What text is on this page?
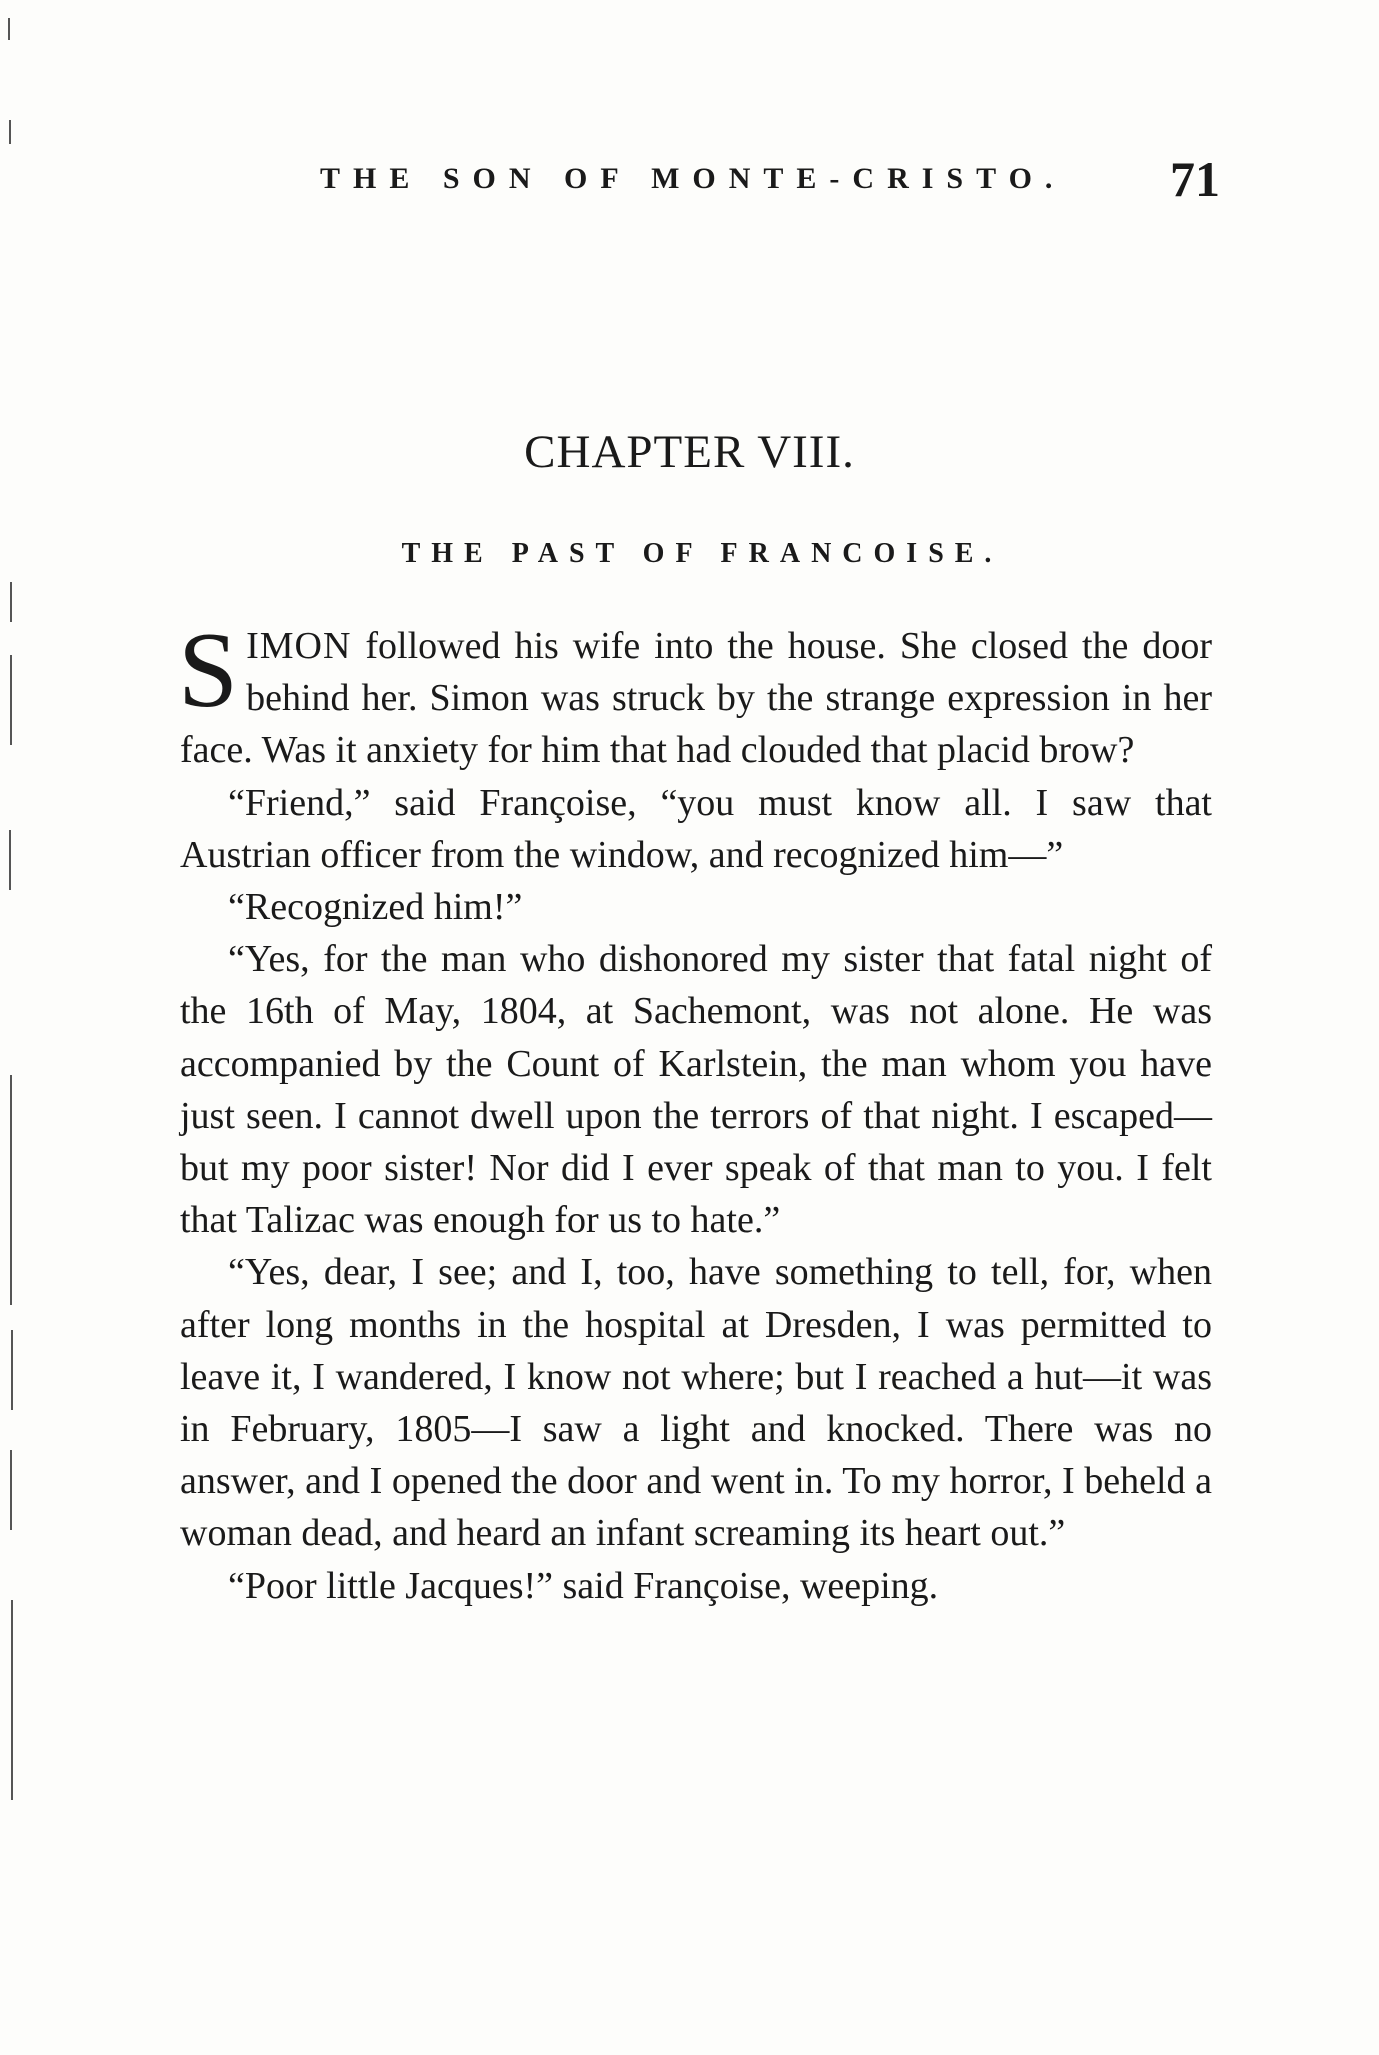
THE SON OF MONTE-CRISTO. 71
CHAPTER VIII.
THE PAST OF FRANCOISE.

SIMON followed his wife into the house. She closed the door behind her. Simon was struck by the strange expression in her face. Was it anxiety for him that had clouded that placid brow?

“Friend,” said Françoise, “you must know all. I saw that Austrian officer from the window, and recognized him—”

“Recognized him!”

“Yes, for the man who dishonored my sister that fatal night of the 16th of May, 1804, at Sachemont, was not alone. He was accompanied by the Count of Karlstein, the man whom you have just seen. I cannot dwell upon the terrors of that night. I escaped—but my poor sister! Nor did I ever speak of that man to you. I felt that Talizac was enough for us to hate.”

“Yes, dear, I see; and I, too, have something to tell, for, when after long months in the hospital at Dresden, I was permitted to leave it, I wandered, I know not where; but I reached a hut—it was in February, 1805—I saw a light and knocked. There was no answer, and I opened the door and went in. To my horror, I beheld a woman dead, and heard an infant screaming its heart out.”

“Poor little Jacques!” said Françoise, weeping.
